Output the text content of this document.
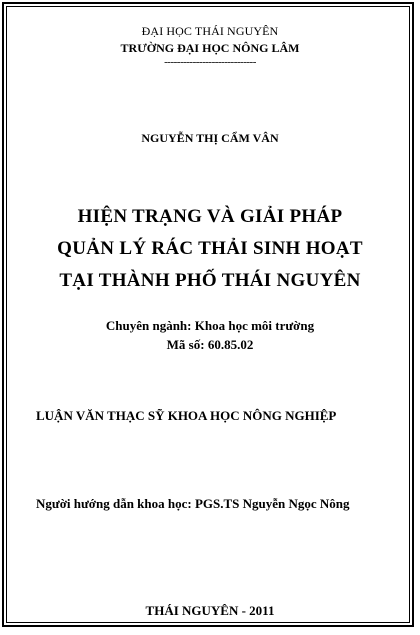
ĐẠI HỌC THÁI NGUYÊN
TRƯỜNG ĐẠI HỌC NÔNG LÂM
-----------------------------
NGUYỄN THỊ CẨM VÂN
HIỆN TRẠNG VÀ GIẢI PHÁP
QUẢN LÝ RÁC THẢI SINH HOẠT
TẠI THÀNH PHỐ THÁI NGUYÊN
Chuyên ngành: Khoa học môi trường
Mã số: 60.85.02
LUẬN VĂN THẠC SỸ KHOA HỌC NÔNG NGHIỆP
Người hướng dẫn khoa học: PGS.TS Nguyễn Ngọc Nông
THÁI NGUYÊN - 2011
